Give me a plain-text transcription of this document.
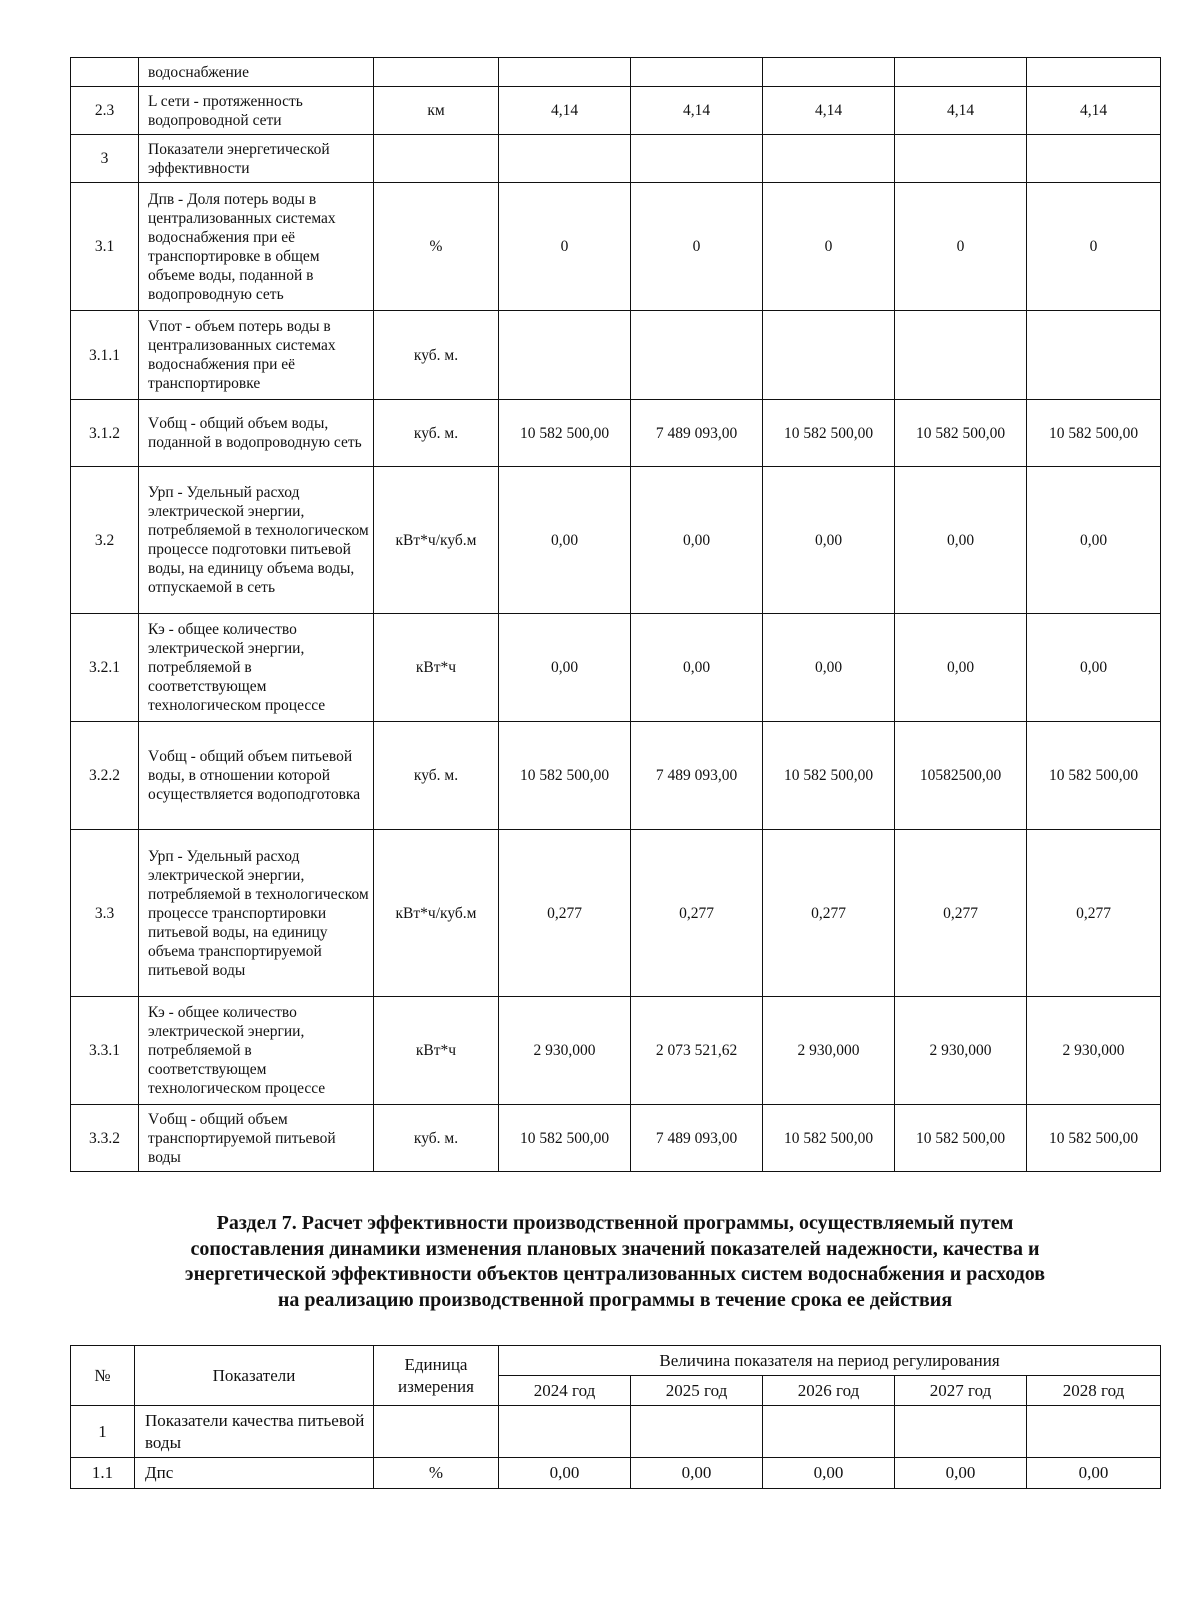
	водоснабжение						
2.3	L сети - протяженность водопроводной сети	км	4,14	4,14	4,14	4,14	4,14
3	Показатели энергетической эффективности						
3.1	Дпв - Доля потерь воды в централизованных системах водоснабжения при её транспортировке в общем объеме воды, поданной в водопроводную сеть	%	0	0	0	0	0
3.1.1	Vпот - объем потерь воды в централизованных системах водоснабжения при её транспортировке	куб. м.					
3.1.2	Vобщ - общий объем воды, поданной в водопроводную сеть	куб. м.	10 582 500,00	7 489 093,00	10 582 500,00	10 582 500,00	10 582 500,00
3.2	Урп - Удельный расход электрической энергии, потребляемой в технологическом процессе подготовки питьевой воды, на единицу объема воды, отпускаемой в сеть	кВт*ч/куб.м	0,00	0,00	0,00	0,00	0,00
3.2.1	Кэ - общее количество электрической энергии, потребляемой в соответствующем технологическом процессе	кВт*ч	0,00	0,00	0,00	0,00	0,00
3.2.2	Vобщ - общий объем питьевой воды, в отношении которой осуществляется водоподготовка	куб. м.	10 582 500,00	7 489 093,00	10 582 500,00	10582500,00	10 582 500,00
3.3	Урп - Удельный расход электрической энергии, потребляемой в технологическом процессе транспортировки питьевой воды, на единицу объема транспортируемой питьевой воды	кВт*ч/куб.м	0,277	0,277	0,277	0,277	0,277
3.3.1	Кэ - общее количество электрической энергии, потребляемой в соответствующем технологическом процессе	кВт*ч	2 930,000	2 073 521,62	2 930,000	2 930,000	2 930,000
3.3.2	Vобщ - общий объем транспортируемой питьевой воды	куб. м.	10 582 500,00	7 489 093,00	10 582 500,00	10 582 500,00	10 582 500,00
Раздел 7. Расчет эффективности производственной программы, осуществляемый путем
сопоставления динамики изменения плановых значений показателей надежности, качества и
энергетической эффективности объектов централизованных систем водоснабжения и расходов
на реализацию производственной программы в течение срока ее действия
№	Показатели	Единица измерения	Величина показателя на период регулирования				
			2024 год	2025 год	2026 год	2027 год	2028 год
1	Показатели качества питьевой воды						
1.1	Дпс	%	0,00	0,00	0,00	0,00	0,00
